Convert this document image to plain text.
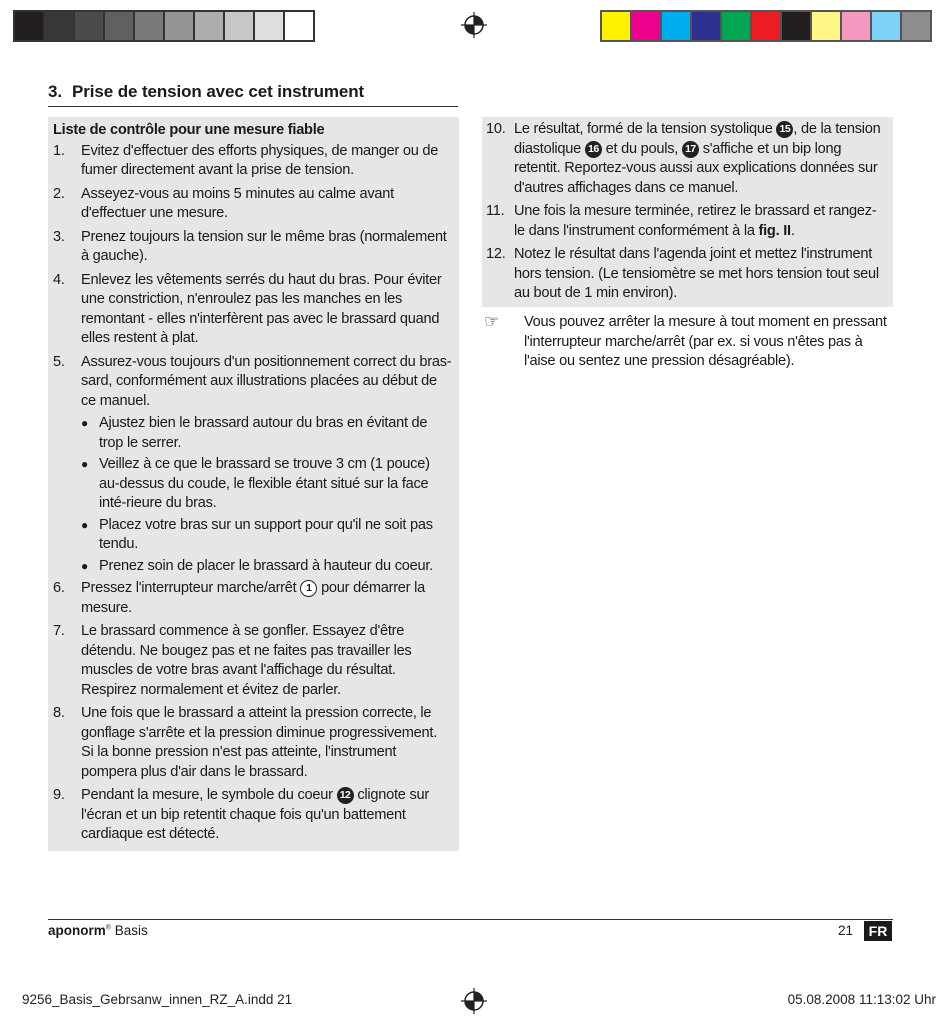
3. Prise de tension avec cet instrument
Liste de contrôle pour une mesure fiable
1.	Evitez d'effectuer des efforts physiques, de manger ou de fumer directement avant la prise de tension.
2.	Asseyez-vous au moins 5 minutes au calme avant d'effectuer une mesure.
3.	Prenez toujours la tension sur le même bras (normalement à gauche).
4.	Enlevez les vêtements serrés du haut du bras. Pour éviter une constriction, n'enroulez pas les manches en les remontant - elles n'interfèrent pas avec le brassard quand elles restent à plat.
5.	Assurez-vous toujours d'un positionnement correct du bras-sard, conformément aux illustrations placées au début de ce manuel.
● Ajustez bien le brassard autour du bras en évitant de trop le serrer.
● Veillez à ce que le brassard se trouve 3 cm (1 pouce) au-dessus du coude, le flexible étant situé sur la face inté-rieure du bras.
● Placez votre bras sur un support pour qu'il ne soit pas tendu.
● Prenez soin de placer le brassard à hauteur du coeur.
6.	Pressez l'interrupteur marche/arrêt 1 pour démarrer la mesure.
7.	Le brassard commence à se gonfler. Essayez d'être détendu. Ne bougez pas et ne faites pas travailler les muscles de votre bras avant l'affichage du résultat. Respirez normalement et évitez de parler.
8.	Une fois que le brassard a atteint la pression correcte, le gonflage s'arrête et la pression diminue progressivement. Si la bonne pression n'est pas atteinte, l'instrument pompera plus d'air dans le brassard.
9.	Pendant la mesure, le symbole du coeur 12 clignote sur l'écran et un bip retentit chaque fois qu'un battement cardiaque est détecté.
10. Le résultat, formé de la tension systolique 15 , de la tension diastolique 16 et du pouls, 17 s'affiche et un bip long retentit. Reportez-vous aussi aux explications données sur d'autres affichages dans ce manuel.
11. Une fois la mesure terminée, retirez le brassard et rangez-le dans l'instrument conformément à la fig. II.
12. Notez le résultat dans l'agenda joint et mettez l'instrument hors tension. (Le tensiomètre se met hors tension tout seul au bout de 1 min environ).
☞	Vous pouvez arrêter la mesure à tout moment en pressant l'interrupteur marche/arrêt (par ex. si vous n'êtes pas à l'aise ou sentez une pression désagréable).
aponorm® Basis	21	FR
9256_Basis_Gebrsanw_innen_RZ_A.indd 21	05.08.2008 11:13:02 Uhr
